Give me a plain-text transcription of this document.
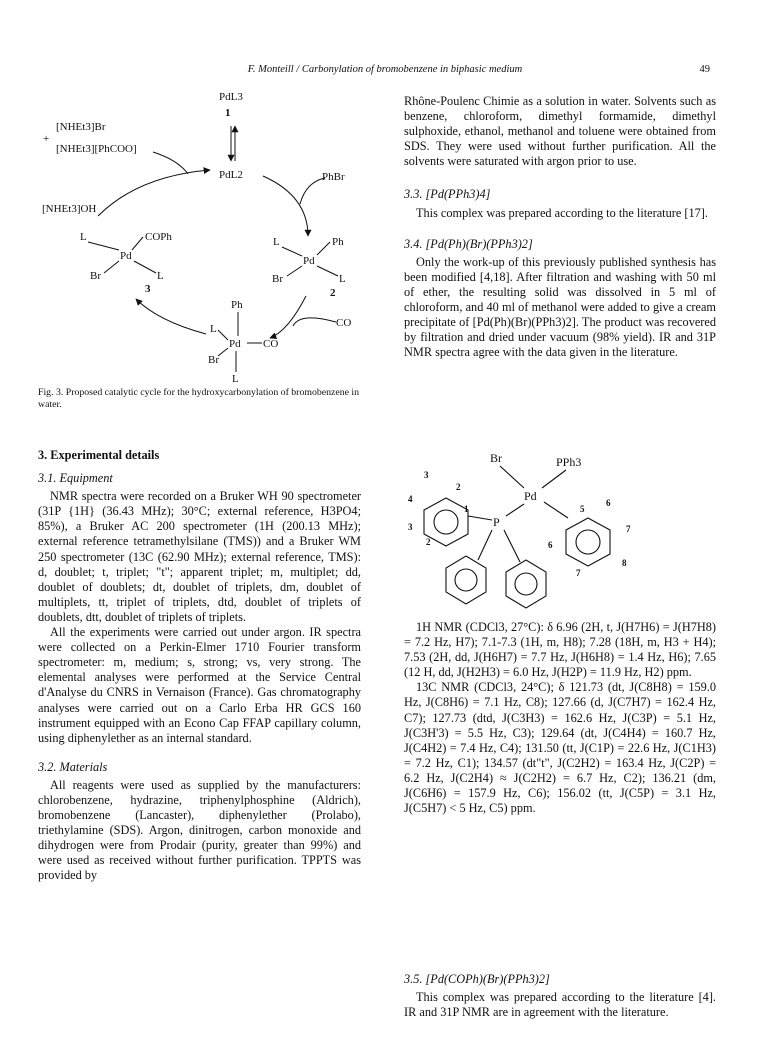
F. Monteill / Carbonylation of bromobenzene in biphasic medium	49
PdL3
1
PdL2
[NHEt3]Br
+
[NHEt3][PhCOO]
PhBr
[NHEt3]OH
L	COPh
Pd
Br	L
3
L	Ph
Pd
Br	L
2
CO
Ph
L
Pd CO
Br
L
Fig. 3. Proposed catalytic cycle for the hydroxycarbonylation of bromobenzene in water.
3. Experimental details
3.1. Equipment

NMR spectra were recorded on a Bruker WH 90 spectrometer (31P {1H} (36.43 MHz); 30°C; external reference, H3PO4; 85%), a Bruker AC 200 spectrometer (1H (200.13 MHz); external reference tetramethylsilane (TMS)) and a Bruker WM 250 spectrometer (13C (62.90 MHz); external reference, TMS): d, doublet; t, triplet; "t"; apparent triplet; m, multiplet; dd, doublet of doublets; dt, doublet of triplets, dm, doublet of multiplets, tt, triplet of triplets, dtd, doublet of triplets of doublets, dtt, doublet of triplets of triplets.

All the experiments were carried out under argon. IR spectra were collected on a Perkin-Elmer 1710 Fourier transform spectrometer: m, medium; s, strong; vs, very strong. The elemental analyses were performed at the Service Central d'Analyse du CNRS in Vernaison (France). Gas chromatography analyses were carried out on a Carlo Erba HR GCS 160 instrument equipped with an Econo Cap FFAP capillary column, using diphenylether as an internal standard.

3.2. Materials

All reagents were used as supplied by the manufacturers: chlorobenzene, hydrazine, triphenylphosphine (Aldrich), bromobenzene (Lancaster), diphenylether (Prolabo), triethylamine (SDS). Argon, dinitrogen, carbon monoxide and dihydrogen were from Prodair (purity, greater than 99%) and were used as received without further purification. TPPTS was provided by

Rhône-Poulenc Chimie as a solution in water. Solvents such as benzene, chloroform, dimethyl formamide, dimethyl sulphoxide, ethanol, methanol and toluene were obtained from SDS. They were used without further purification. All the solvents were saturated with argon prior to use.

3.3. [Pd(PPh3)4]

This complex was prepared according to the literature [17].

3.4. [Pd(Ph)(Br)(PPh3)2]

Only the work-up of this previously published synthesis has been modified [4,18]. After filtration and washing with 50 ml of ether, the resulting solid was dissolved in 5 ml of chloroform, and 40 ml of methanol were added to give a cream precipitate of [Pd(Ph)(Br)(PPh3)2]. The product was recovered by filtration and dried under vacuum (98% yield). IR and 31P NMR spectra agree with the data given in the literature.

Br	PPh3
Pd
P
3
2
4
1
3
2
5
6
7
6
7
8

1H NMR (CDCl3, 27°C): δ 6.96 (2H, t, J(H7H6) = J(H7H8) = 7.2 Hz, H7); 7.1-7.3 (1H, m, H8); 7.28 (18H, m, H3 + H4); 7.53 (2H, dd, J(H6H7) = 7.7 Hz, J(H6H8) = 1.4 Hz, H6); 7.65 (12 H, dd, J(H2H3) = 6.0 Hz, J(H2P) = 11.9 Hz, H2) ppm.

13C NMR (CDCl3, 24°C); δ 121.73 (dt, J(C8H8) = 159.0 Hz, J(C8H6) = 7.1 Hz, C8); 127.66 (d, J(C7H7) = 162.4 Hz, C7); 127.73 (dtd, J(C3H3) = 162.6 Hz, J(C3P) = 5.1 Hz, J(C3H'3) = 5.5 Hz, C3); 129.64 (dt, J(C4H4) = 160.7 Hz, J(C4H2) = 7.4 Hz, C4); 131.50 (tt, J(C1P) = 22.6 Hz, J(C1H3) = 7.2 Hz, C1); 134.57 (dt"t", J(C2H2) = 163.4 Hz, J(C2P) = 6.2 Hz, J(C2H4) ≈ J(C2H2) = 6.7 Hz, C2); 136.21 (dm, J(C6H6) = 157.9 Hz, C6); 156.02 (tt, J(C5P) = 3.1 Hz, J(C5H7) < 5 Hz, C5) ppm.

3.5. [Pd(COPh)(Br)(PPh3)2]

This complex was prepared according to the literature [4]. IR and 31P NMR are in agreement with the literature.
